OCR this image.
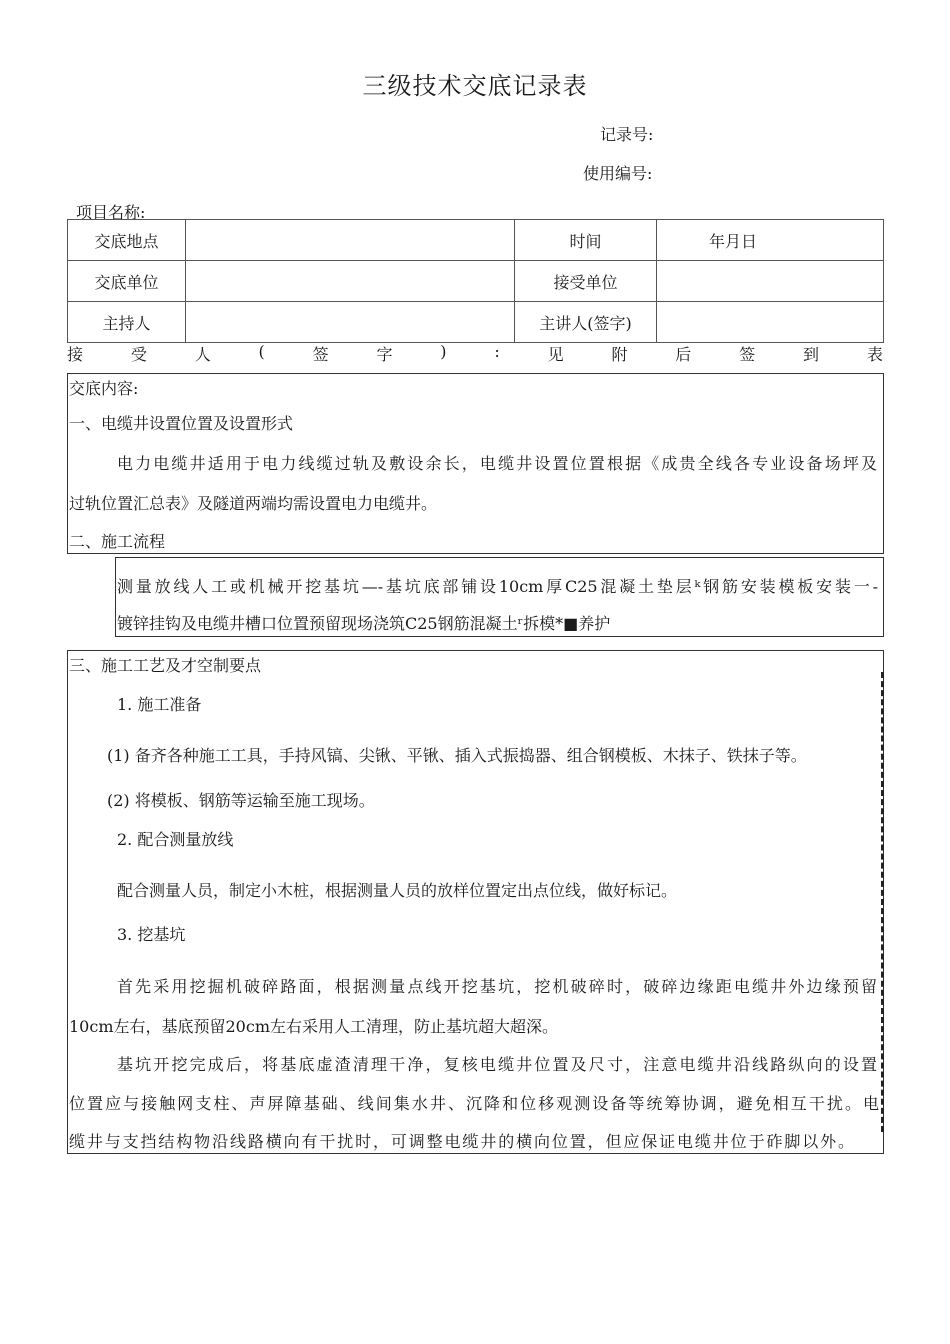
三级技术交底记录表
记录号:
使用编号:
项目名称:
交底地点		时间	年月日
交底单位		接受单位	
主持人		主讲人(签字)	
接	受	人	(	签	字	)	:	见	附	后	签	到	表
交底内容:
一、电缆井设置位置及设置形式
电力电缆井适用于电力线缆过轨及敷设余长，电缆井设置位置根据《成贵全线各专业设备场坪及
过轨位置汇总表》及隧道两端均需设置电力电缆井。
二、施工流程
测量放线人工或机械开挖基坑—-基坑底部铺设10cm厚C25混凝土垫层ᵏ钢筋安装模板安装一-
镀锌挂钩及电缆井槽口位置预留现场浇筑C25钢筋混凝土ʳ拆模*■养护
三、施工工艺及才空制要点
1. 施工准备
(1) 备齐各种施工工具，手持风镐、尖锹、平锹、插入式振捣器、组合钢模板、木抹子、铁抹子等。
(2) 将模板、钢筋等运输至施工现场。
2. 配合测量放线
配合测量人员，制定小木桩，根据测量人员的放样位置定出点位线，做好标记。
3. 挖基坑
首先采用挖掘机破碎路面，根据测量点线开挖基坑，挖机破碎时，破碎边缘距电缆井外边缘预留
10cm左右，基底预留20cm左右采用人工清理，防止基坑超大超深。
基坑开挖完成后，将基底虚渣清理干净，复核电缆井位置及尺寸，注意电缆井沿线路纵向的设置
位置应与接触网支柱、声屏障基础、线间集水井、沉降和位移观测设备等统筹协调，避免相互干扰。电
缆井与支挡结构物沿线路横向有干扰时，可调整电缆井的横向位置，但应保证电缆井位于砟脚以外。
